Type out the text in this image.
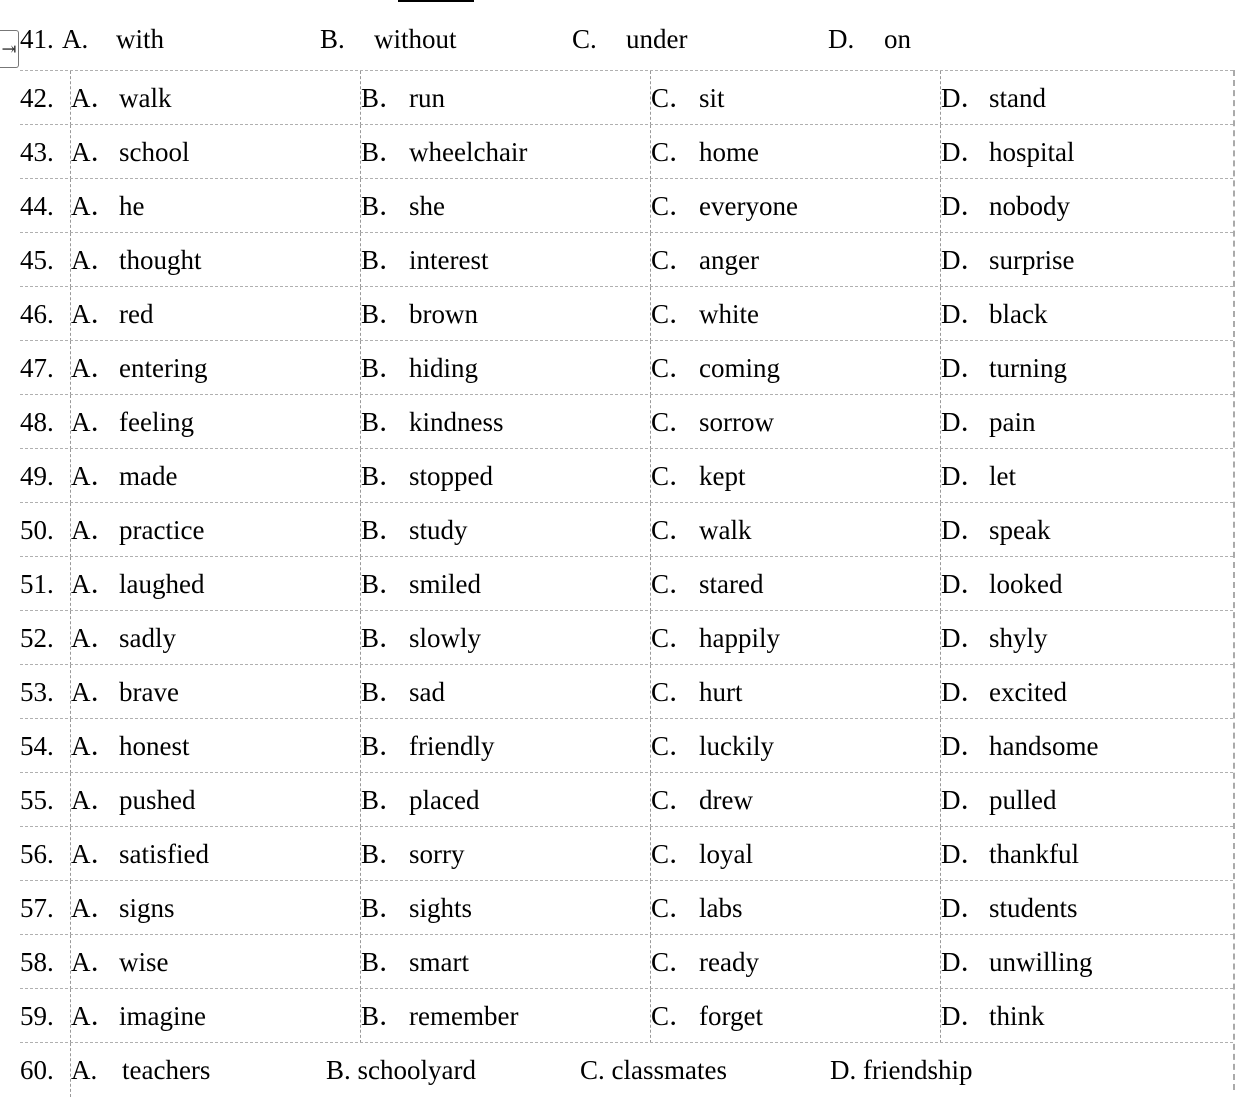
⇥ 41. A. with	B. without	C. under	D. on
42. A．walk	B． run	C． sit	D．stand
43. A．school	B． wheelchair	C． home	D．hospital
44. A．he	B． she	C． everyone	D．nobody
45. A．thought	B． interest	C． anger	D．surprise
46. A．red	B． brown	C． white	D．black
47. A．entering	B． hiding	C． coming	D．turning
48. A．feeling	B． kindness	C． sorrow	D．pain
49. A．made	B． stopped	C． kept	D．let
50. A．practice	B． study	C． walk	D．speak
51. A．laughed	B． smiled	C． stared	D．looked
52. A．sadly	B． slowly	C． happily	D．shyly
53. A．brave	B． sad	C． hurt	D．excited
54. A．honest	B． friendly	C． luckily	D．handsome
55. A．pushed	B． placed	C． drew	D．pulled
56. A．satisfied	B． sorry	C． loyal	D．thankful
57. A．signs	B． sights	C． labs	D．students
58. A．wise	B． smart	C． ready	D．unwilling
59. A．imagine	B． remember	C． forget	D．think
60. A. teachers	B. schoolyard	C. classmates	D. friendship
